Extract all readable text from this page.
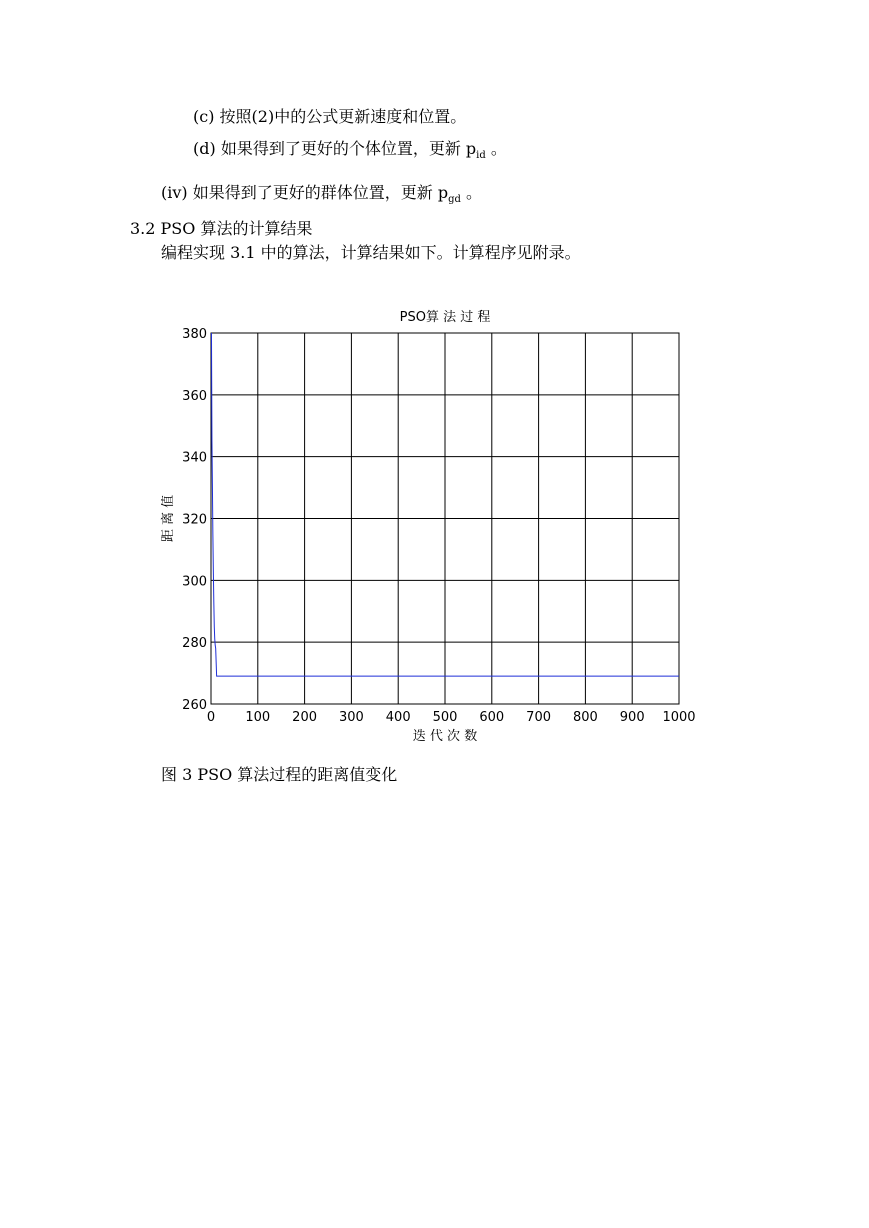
(c) 按照(2)中的公式更新速度和位置。
(d) 如果得到了更好的个体位置，更新 $p_{id}$ 。
(iv) 如果得到了更好的群体位置，更新 $p_{gd}$ 。
3.2 PSO 算法的计算结果
编程实现 3.1 中的算法，计算结果如下。计算程序见附录。
0 100 200 300 400 500 600 700 800 900 1000
260
280
300
320
340
360
380
PSO算 法 过 程
迭 代 次 数
距 离 值
图 3 PSO 算法过程的距离值变化
